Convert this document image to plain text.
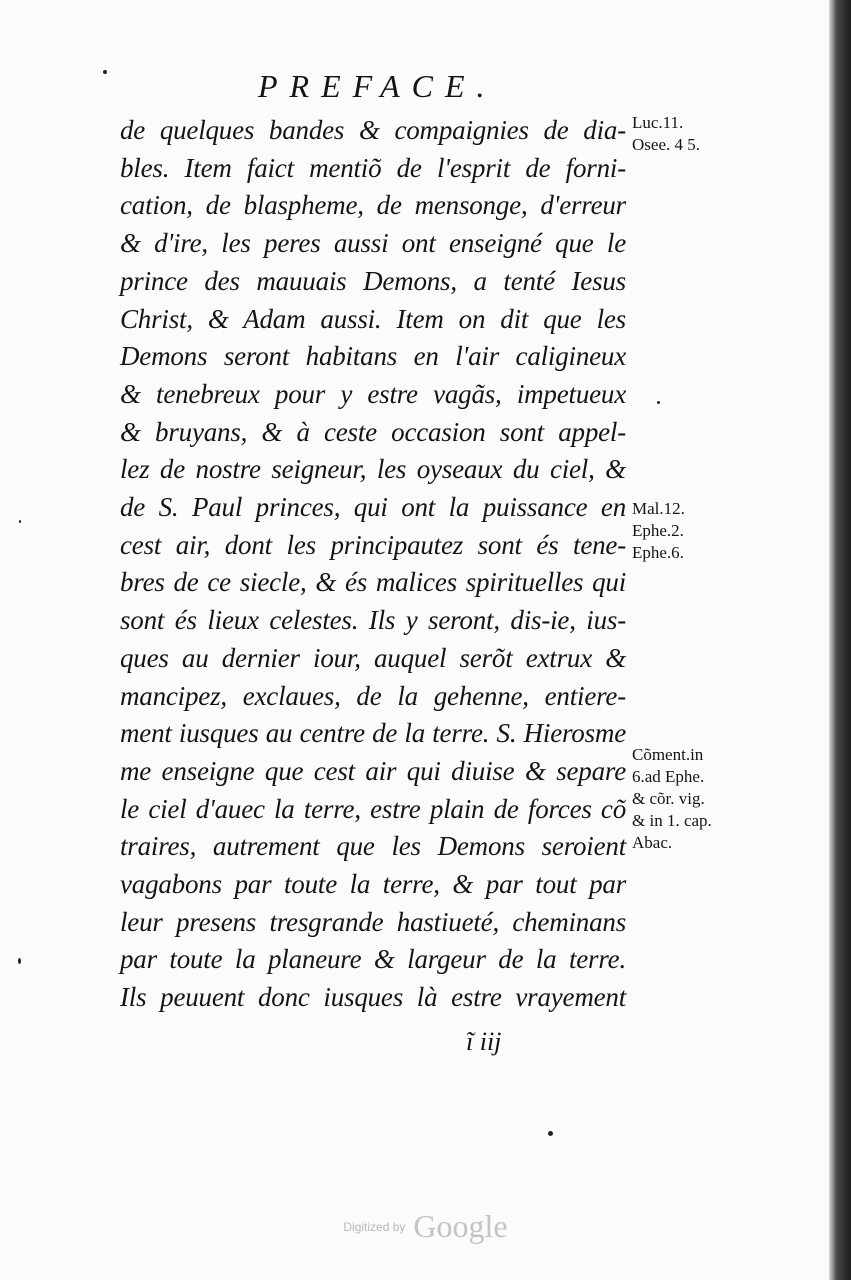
PREFACE.
de quelques bandes & compaignies de dia-
bles. Item faict mentiõ de l'esprit de forni-
cation, de blaspheme, de mensonge, d'erreur
& d'ire, les peres aussi ont enseigné que le
prince des mauuais Demons, a tenté Iesus
Christ, & Adam aussi. Item on dit que les
Demons seront habitans en l'air caligineux
& tenebreux pour y estre vagãs, impetueux
& bruyans, & à ceste occasion sont appel-
lez de nostre seigneur, les oyseaux du ciel, &
de S. Paul princes, qui ont la puissance en
cest air, dont les principautez sont és tene-
bres de ce siecle, & és malices spirituelles qui
sont és lieux celestes. Ils y seront, dis-ie, ius-
ques au dernier iour, auquel serõt extrux &
mancipez, exclaues, de la gehenne, entiere-
ment iusques au centre de la terre. S. Hierosme
me enseigne que cest air qui diuise & separe
le ciel d'auec la terre, estre plain de forces cõ
traires, autrement que les Demons seroient
vagabons par toute la terre, & par tout par
leur presens tresgrande hastiueté, cheminans
par toute la planeure & largeur de la terre.
Ils peuuent donc iusques là estre vrayement
Luc.11.
Osee. 4 5.
Mal.12.
Ephe.2.
Ephe.6.
Cõment.in
6.ad Ephe.
& cõr. vig.
& in 1. cap.
Abac.
ĩ iij
Digitized by Google
